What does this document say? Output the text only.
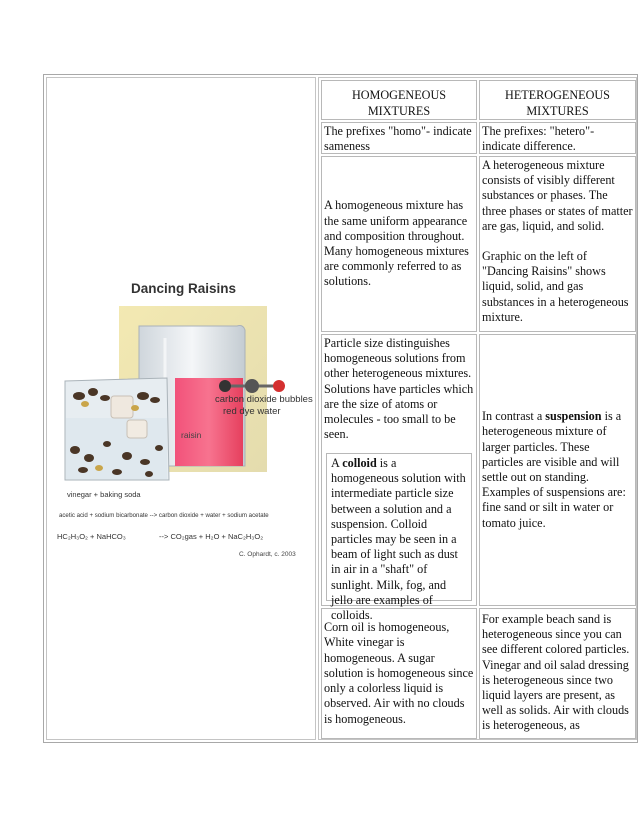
Dancing Raisins
carbon dioxide bubbles
red dye water
raisin
vinegar + baking soda
acetic acid + sodium bicarbonate --> carbon dioxide + water + sodium acetate
HC₂H₃O₂ + NaHCO₃	--> CO₂gas + H₂O + NaC₂H₃O₂
C. Ophardt, c. 2003
HOMOGENEOUS MIXTURES
HETEROGENEOUS MIXTURES
The prefixes "homo"- indicate sameness
The prefixes: "hetero"- indicate difference.
A homogeneous mixture has the same uniform appearance and composition throughout. Many homogeneous mixtures are commonly referred to as solutions.
A heterogeneous mixture consists of visibly different substances or phases. The three phases or states of matter are gas, liquid, and solid.
Graphic on the left of "Dancing Raisins" shows liquid, solid, and gas substances in a heterogeneous mixture.
Particle size distinguishes homogeneous solutions from other heterogeneous mixtures. Solutions have particles which are the size of atoms or molecules - too small to be seen.
A colloid is a homogeneous solution with intermediate particle size between a solution and a suspension. Colloid particles may be seen in a beam of light such as dust in air in a "shaft" of sunlight. Milk, fog, and jello are examples of colloids.
In contrast a suspension is a heterogeneous mixture of larger particles. These particles are visible and will settle out on standing. Examples of suspensions are: fine sand or silt in water or tomato juice.
Corn oil is homogeneous, White vinegar is homogeneous. A sugar solution is homogeneous since only a colorless liquid is observed. Air with no clouds is homogeneous.
For example beach sand is heterogeneous since you can see different colored particles. Vinegar and oil salad dressing is heterogeneous since two liquid layers are present, as well as solids. Air with clouds is heterogeneous, as
